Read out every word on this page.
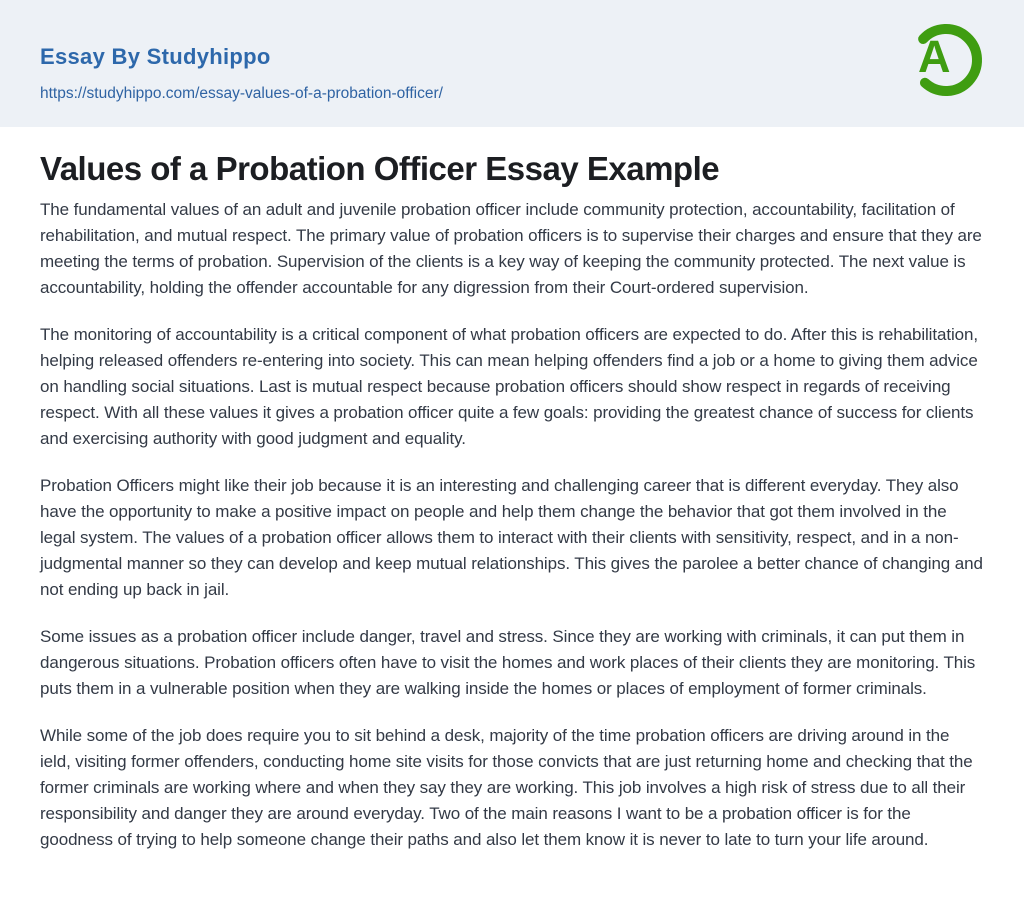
Essay By Studyhippo
https://studyhippo.com/essay-values-of-a-probation-officer/
A
Values of a Probation Officer Essay Example

The fundamental values of an adult and juvenile probation officer include community protection, accountability, facilitation of rehabilitation, and mutual respect. The primary value of probation officers is to supervise their charges and ensure that they are meeting the terms of probation. Supervision of the clients is a key way of keeping the community protected. The next value is accountability, holding the offender accountable for any digression from their Court-ordered supervision.

The monitoring of accountability is a critical component of what probation officers are expected to do. After this is rehabilitation, helping released offenders re-entering into society. This can mean helping offenders find a job or a home to giving them advice on handling social situations. Last is mutual respect because probation officers should show respect in regards of receiving respect. With all these values it gives a probation officer quite a few goals: providing the greatest chance of success for clients and exercising authority with good judgment and equality.

Probation Officers might like their job because it is an interesting and challenging career that is different everyday. They also have the opportunity to make a positive impact on people and help them change the behavior that got them involved in the legal system. The values of a probation officer allows them to interact with their clients with sensitivity, respect, and in a non-judgmental manner so they can develop and keep mutual relationships. This gives the parolee a better chance of changing and not ending up back in jail.

Some issues as a probation officer include danger, travel and stress. Since they are working with criminals, it can put them in dangerous situations. Probation officers often have to visit the homes and work places of their clients they are monitoring. This puts them in a vulnerable position when they are walking inside the homes or places of employment of former criminals.

While some of the job does require you to sit behind a desk, majority of the time probation officers are driving around in the ield, visiting former offenders, conducting home site visits for those convicts that are just returning home and checking that the former criminals are working where and when they say they are working. This job involves a high risk of stress due to all their responsibility and danger they are around everyday. Two of the main reasons I want to be a probation officer is for the goodness of trying to help someone change their paths and also let them know it is never to late to turn your life around.
